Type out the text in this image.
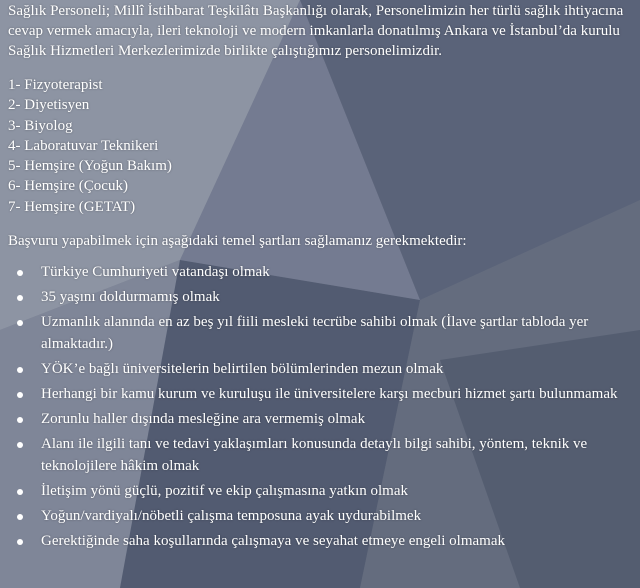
Sağlık Personeli; Millî İstihbarat Teşkilâtı Başkanlığı olarak, Personelimizin her türlü sağlık ihtiyacına cevap vermek amacıyla, ileri teknoloji ve modern imkanlarla donatılmış Ankara ve İstanbul’da kurulu Sağlık Hizmetleri Merkezlerimizde birlikte çalıştığımız personelimizdir.

1- Fizyoterapist
2- Diyetisyen
3- Biyolog
4- Laboratuvar Teknikeri
5- Hemşire (Yoğun Bakım)
6- Hemşire (Çocuk)
7- Hemşire (GETAT)

Başvuru yapabilmek için aşağıdaki temel şartları sağlamanız gerekmektedir:

Türkiye Cumhuriyeti vatandaşı olmak
35 yaşını doldurmamış olmak
Uzmanlık alanında en az beş yıl fiili mesleki tecrübe sahibi olmak (İlave şartlar tabloda yer almaktadır.)
YÖK’e bağlı üniversitelerin belirtilen bölümlerinden mezun olmak
Herhangi bir kamu kurum ve kuruluşu ile üniversitelere karşı mecburi hizmet şartı bulunmamak
Zorunlu haller dışında mesleğine ara vermemiş olmak
Alanı ile ilgili tanı ve tedavi yaklaşımları konusunda detaylı bilgi sahibi, yöntem, teknik ve teknolojilere hâkim olmak
İletişim yönü güçlü, pozitif ve ekip çalışmasına yatkın olmak
Yoğun/vardiyalı/nöbetli çalışma temposuna ayak uydurabilmek
Gerektiğinde saha koşullarında çalışmaya ve seyahat etmeye engeli olmamak
